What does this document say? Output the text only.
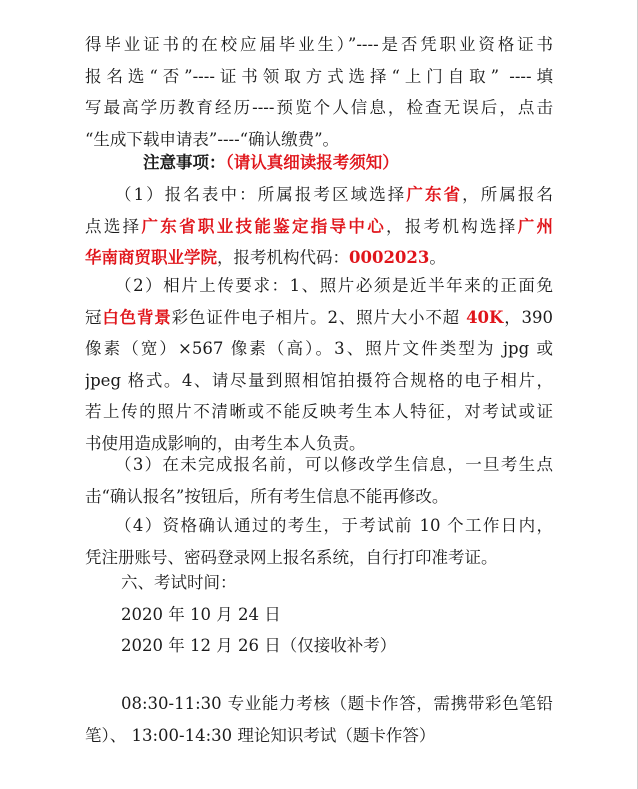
得毕业证书的在校应届毕业生）”----是否凭职业资格证书
报名选“否”----证书领取方式选择“上门自取” ----填
写最高学历教育经历----预览个人信息，检查无误后，点击
“生成下载申请表”----“确认缴费”。
注意事项：（请认真细读报考须知）
（1）报名表中：所属报考区域选择广东省，所属报名
点选择广东省职业技能鉴定指导中心，报考机构选择广州
华南商贸职业学院，报考机构代码：0002023。
（2）相片上传要求：1、照片必须是近半年来的正面免
冠白色背景彩色证件电子相片。2、照片大小不超 40K，390
像素（宽）×567 像素（高）。3、照片文件类型为 jpg 或
jpeg 格式。4、请尽量到照相馆拍摄符合规格的电子相片，
若上传的照片不清晰或不能反映考生本人特征，对考试或证
书使用造成影响的，由考生本人负责。
（3）在未完成报名前，可以修改学生信息，一旦考生点
击“确认报名”按钮后，所有考生信息不能再修改。
（4）资格确认通过的考生，于考试前 10 个工作日内，
凭注册账号、密码登录网上报名系统，自行打印准考证。
六、考试时间：
2020 年 10 月 24 日
2020 年 12 月 26 日（仅接收补考）
08:30-11:30 专业能力考核（题卡作答，需携带彩色笔铅
笔）、 13:00-14:30 理论知识考试（题卡作答）
